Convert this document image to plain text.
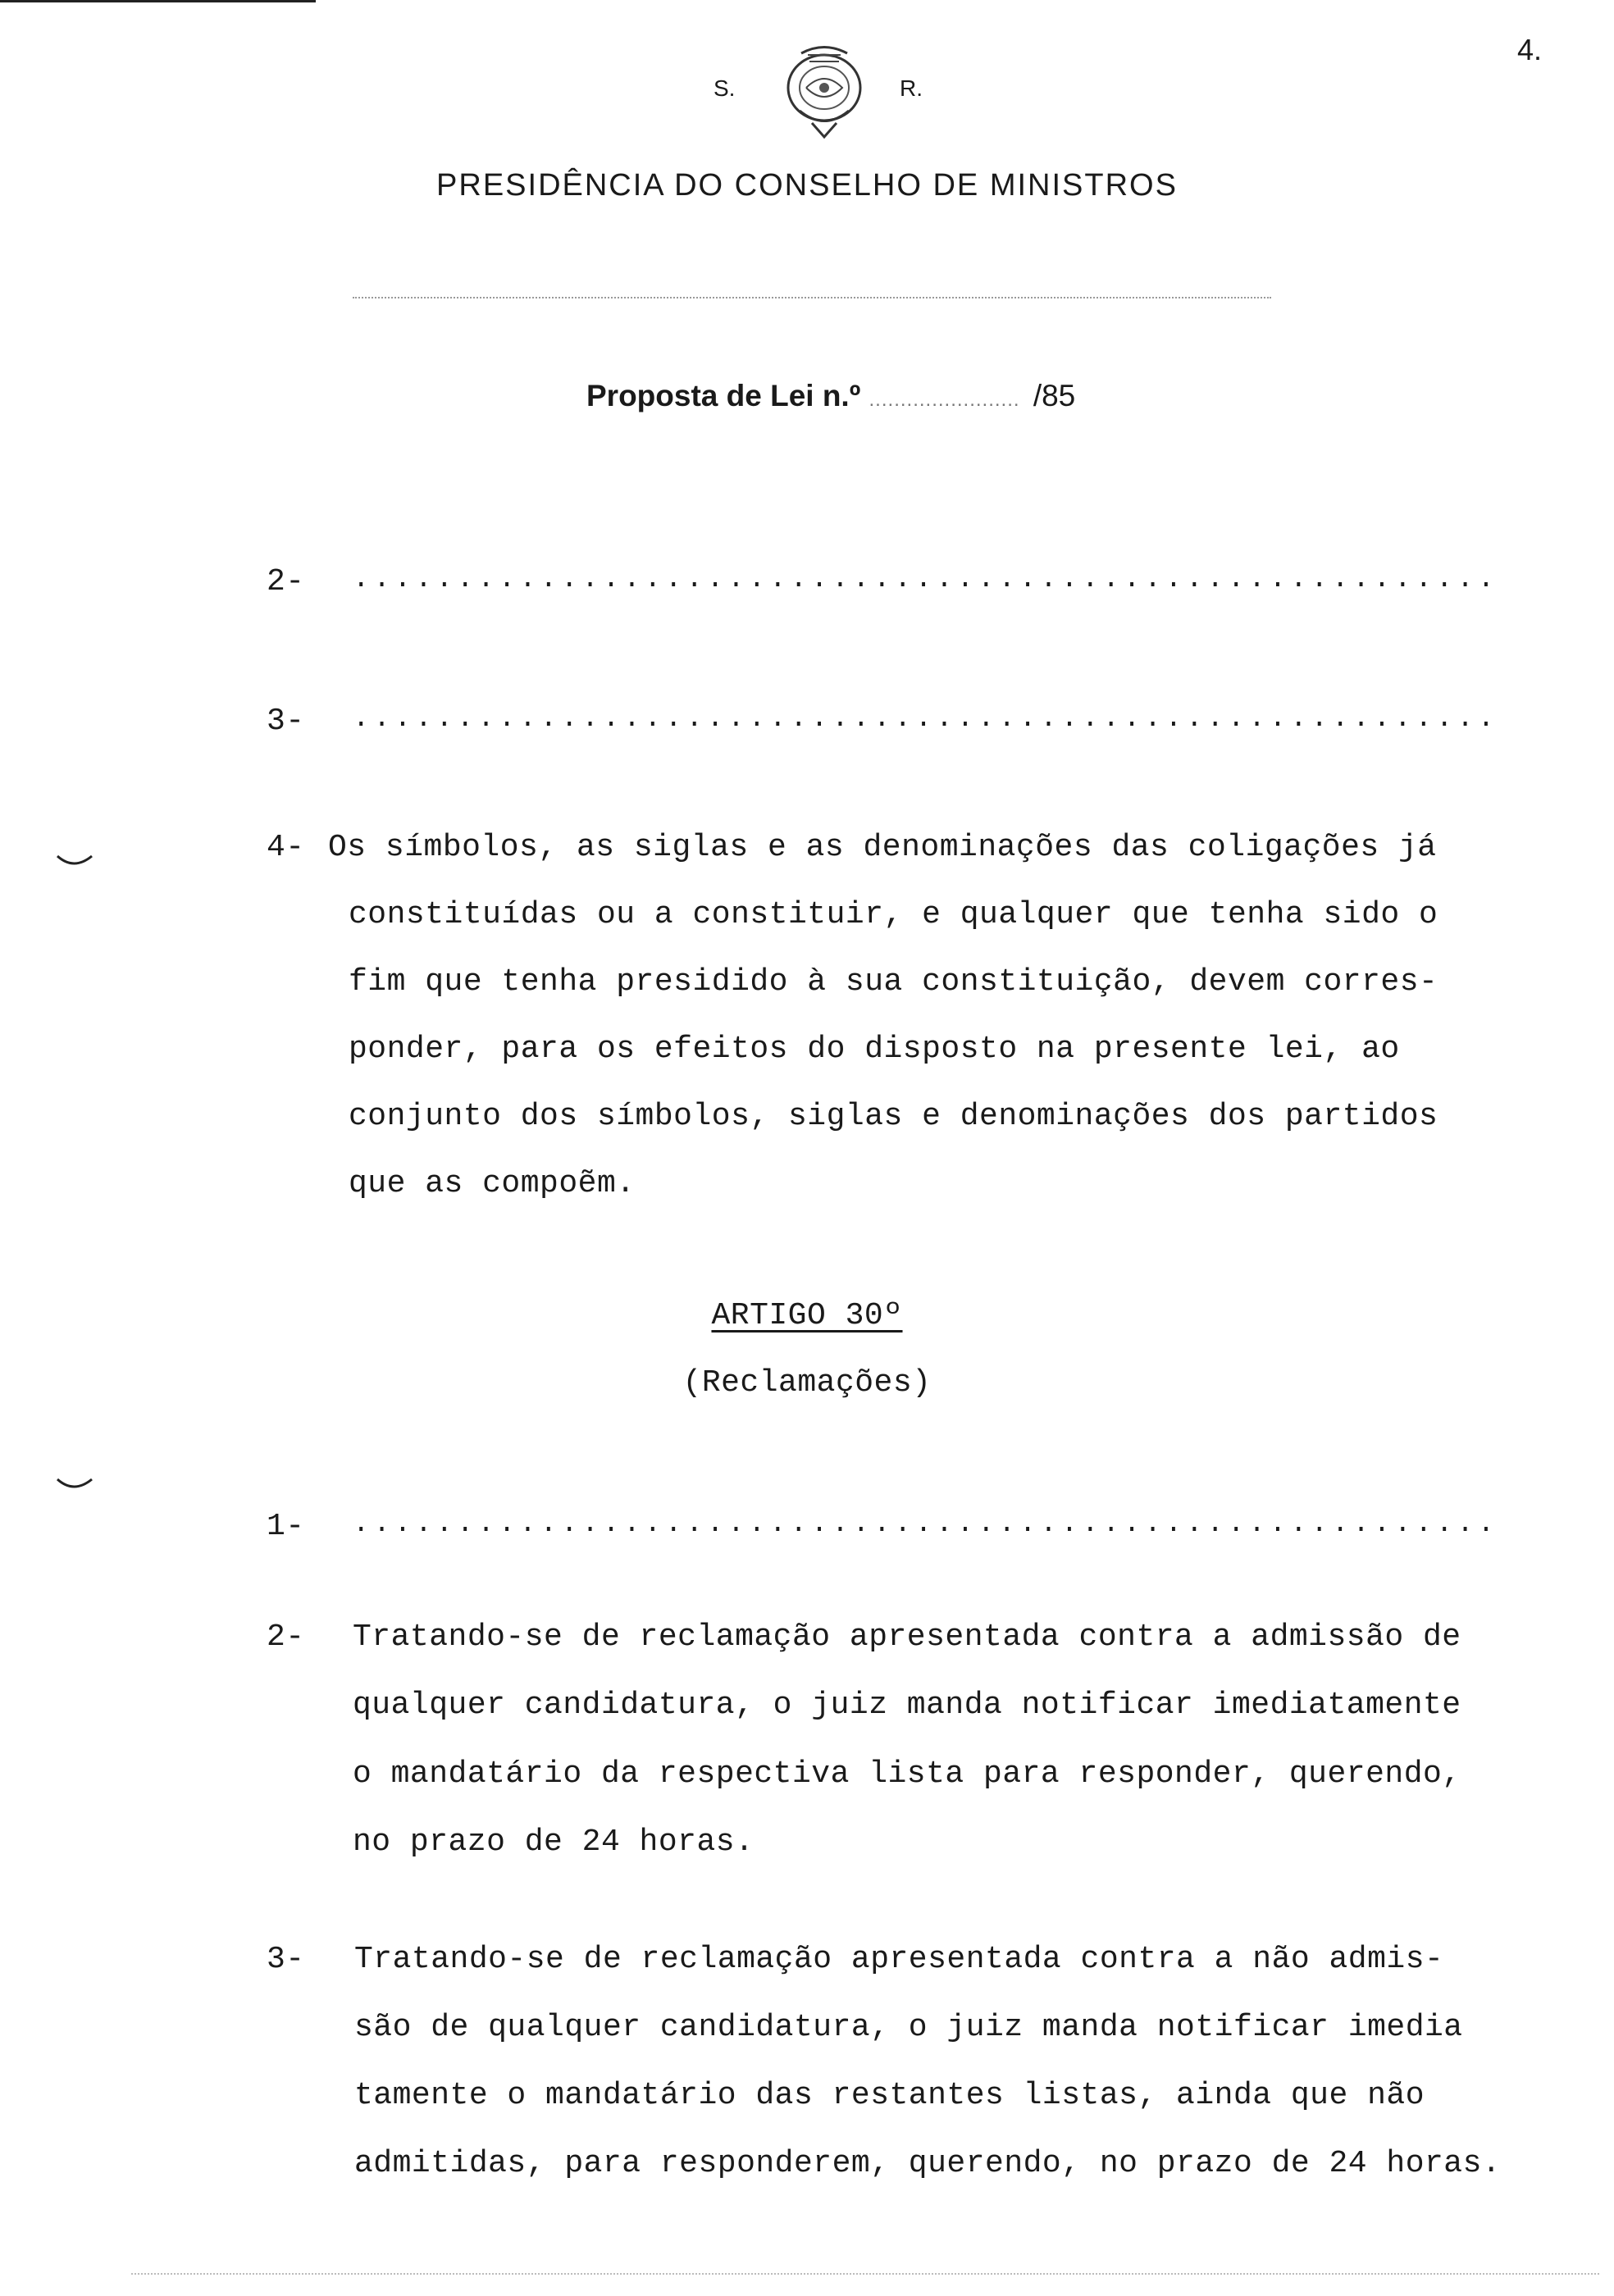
4.
S.	R.
PRESIDÊNCIA DO CONSELHO DE MINISTROS
Proposta de Lei n.º ........................ /85
2- .......................................................
3- .......................................................
4- Os símbolos, as siglas e as denominações das coligações já
constituídas ou a constituir, e qualquer que tenha sido o
fim que tenha presidido à sua constituição, devem corres-
ponder, para os efeitos do disposto na presente lei, ao
conjunto dos símbolos, siglas e denominações dos partidos
que as compoẽm.
ARTIGO 30º
(Reclamações)
1- .......................................................
2- Tratando-se de reclamação apresentada contra a admissão de
qualquer candidatura, o juiz manda notificar imediatamente
o mandatário da respectiva lista para responder, querendo,
no prazo de 24 horas.
3- Tratando-se de reclamação apresentada contra a não admis-
são de qualquer candidatura, o juiz manda notificar imedia
tamente o mandatário das restantes listas, ainda que não
admitidas, para responderem, querendo, no prazo de 24 horas.
